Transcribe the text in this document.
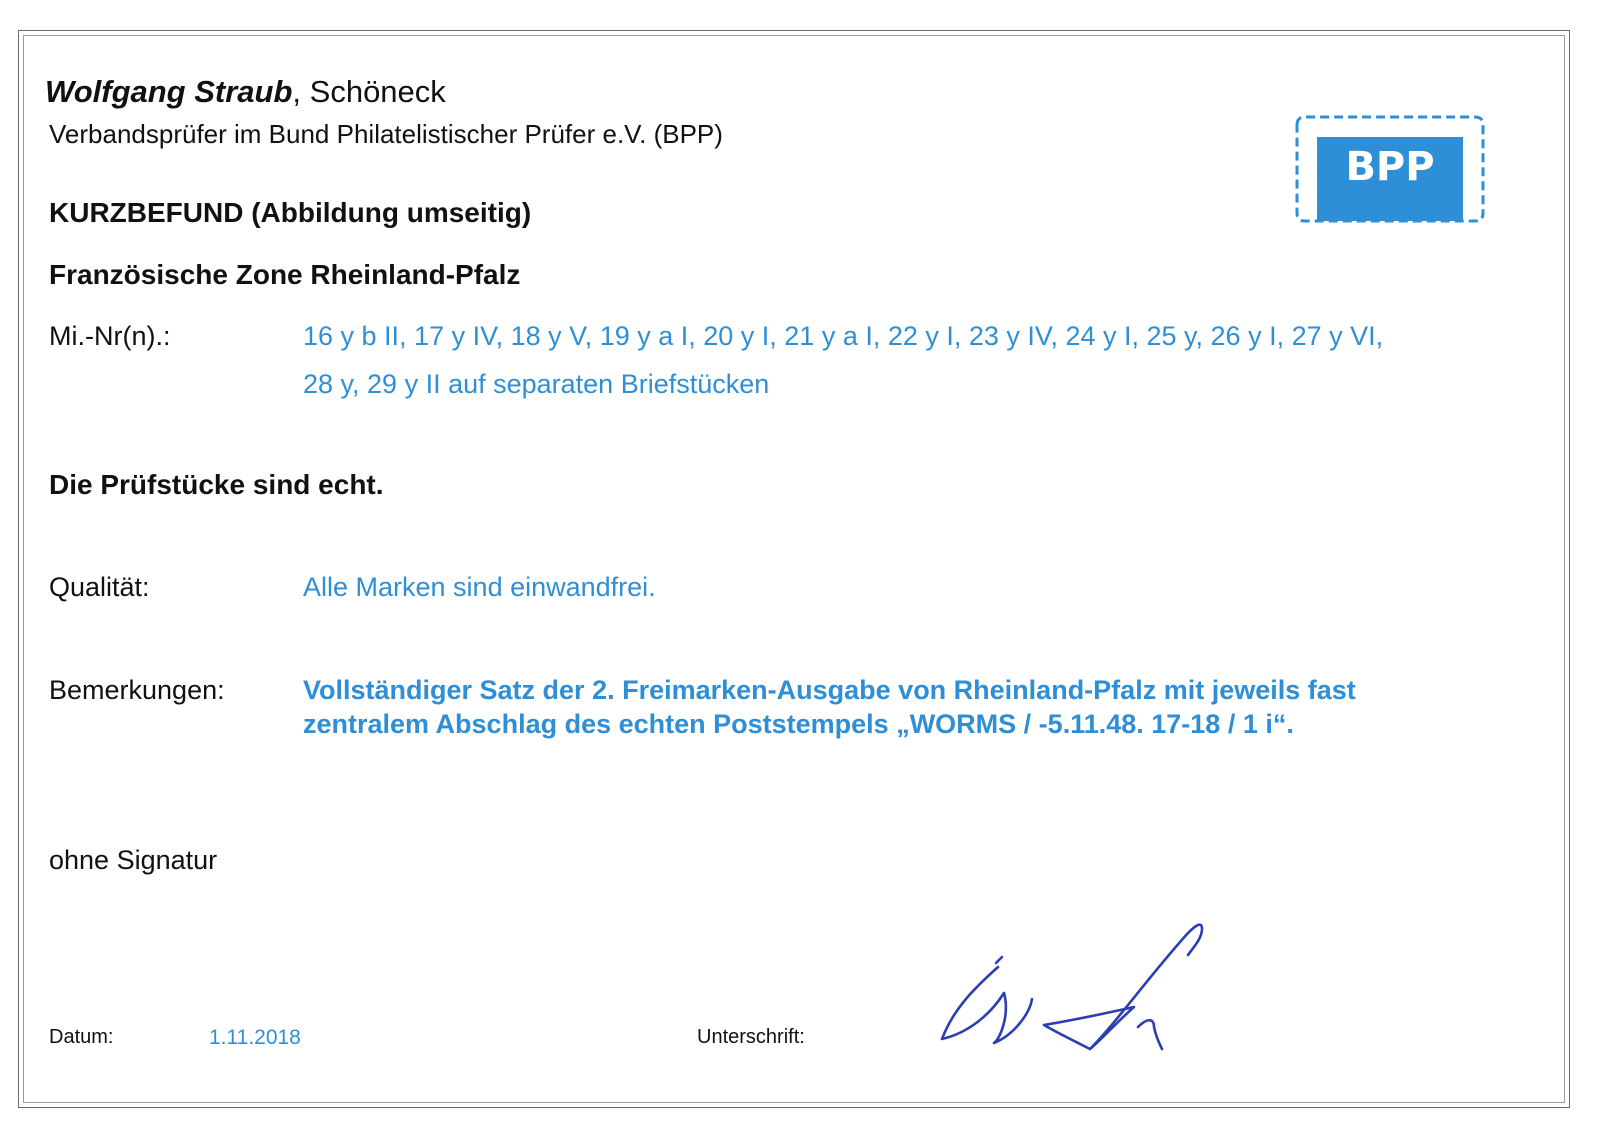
Wolfgang Straub, Schöneck
Verbandsprüfer im Bund Philatelistischer Prüfer e.V. (BPP)
BPP
KURZBEFUND (Abbildung umseitig)
Französische Zone Rheinland-Pfalz
Mi.-Nr(n).:	16 y b II, 17 y IV, 18 y V, 19 y a I, 20 y I, 21 y a I, 22 y I, 23 y IV, 24 y I, 25 y, 26 y I, 27 y VI,
28 y, 29 y II auf separaten Briefstücken
Die Prüfstücke sind echt.
Qualität:	Alle Marken sind einwandfrei.
Bemerkungen:	Vollständiger Satz der 2. Freimarken-Ausgabe von Rheinland-Pfalz mit jeweils fast
zentralem Abschlag des echten Poststempels „WORMS / -5.11.48. 17-18 / 1 i“.
ohne Signatur
Datum:	1.11.2018	Unterschrift:
